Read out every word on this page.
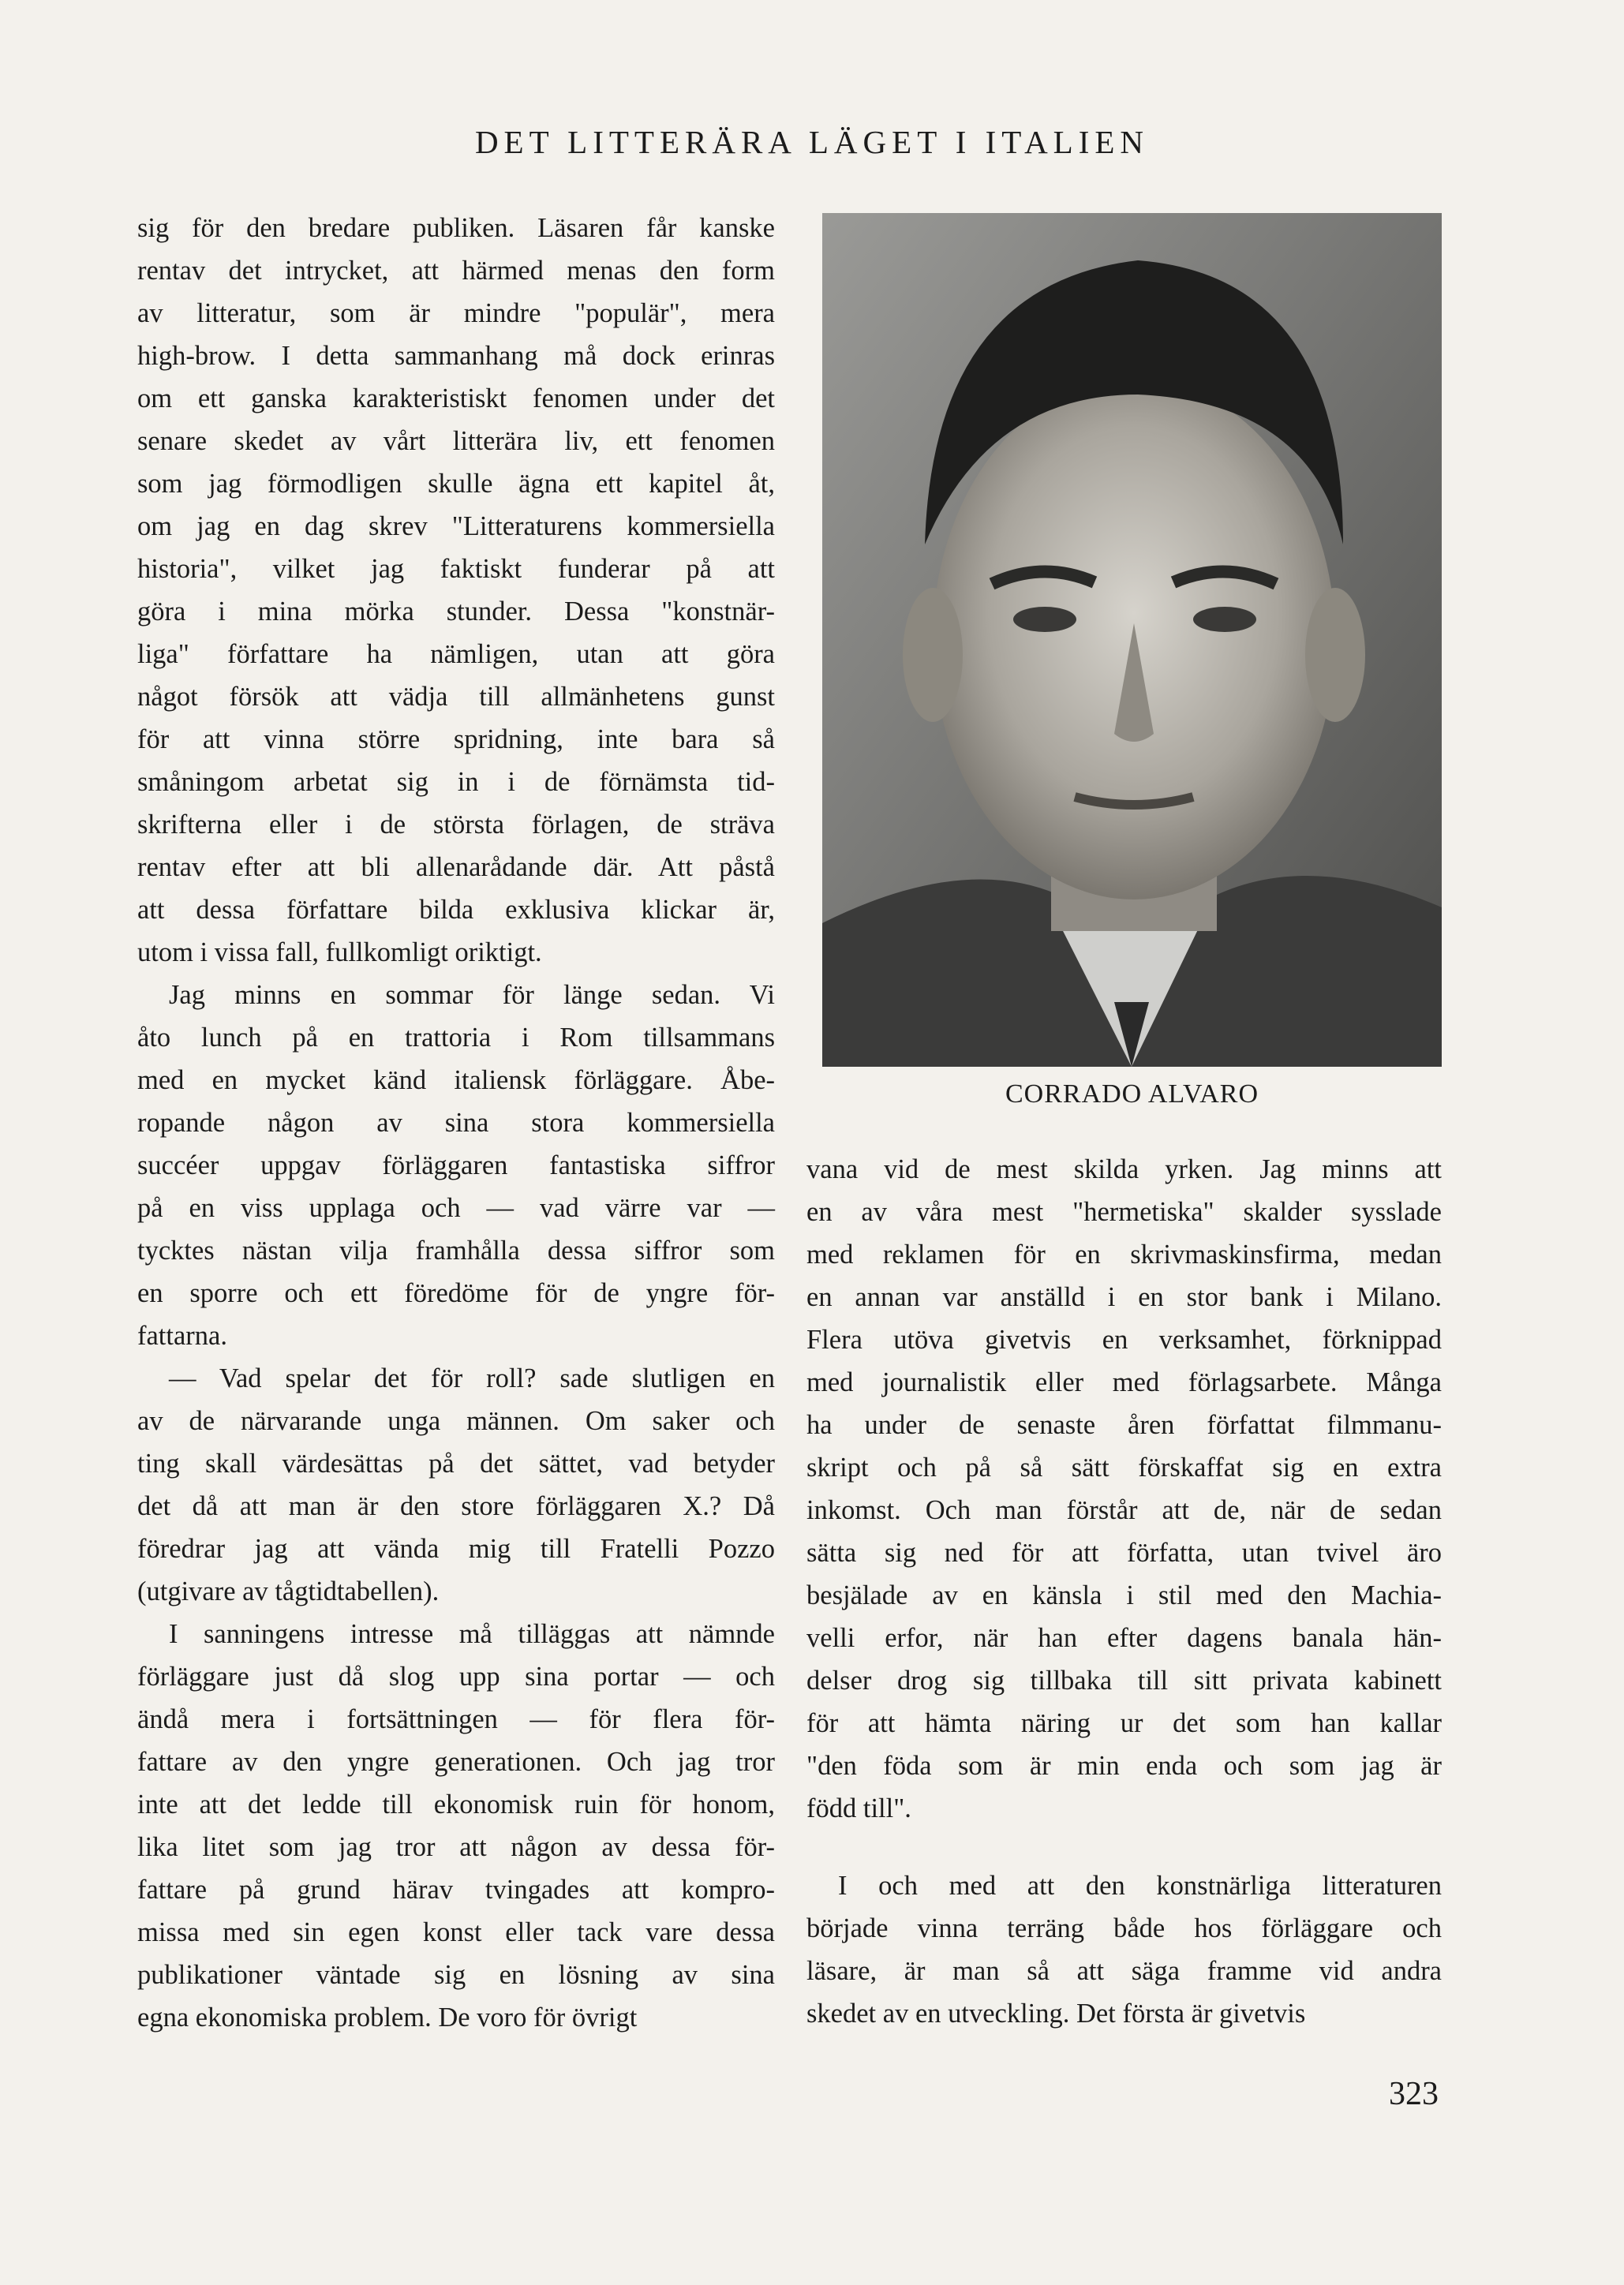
DET LITTERÄRA LÄGET I ITALIEN
sig för den bredare publiken. Läsaren får kanske
rentav det intrycket, att härmed menas den form
av litteratur, som är mindre "populär", mera
high-brow. I detta sammanhang må dock erinras
om ett ganska karakteristiskt fenomen under det
senare skedet av vårt litterära liv, ett fenomen
som jag förmodligen skulle ägna ett kapitel åt,
om jag en dag skrev "Litteraturens kommersiella
historia", vilket jag faktiskt funderar på att
göra i mina mörka stunder. Dessa "konstnär-
liga" författare ha nämligen, utan att göra
något försök att vädja till allmänhetens gunst
för att vinna större spridning, inte bara så
småningom arbetat sig in i de förnämsta tid-
skrifterna eller i de största förlagen, de sträva
rentav efter att bli allenarådande där. Att påstå
att dessa författare bilda exklusiva klickar är,
utom i vissa fall, fullkomligt oriktigt.
Jag minns en sommar för länge sedan. Vi
åto lunch på en trattoria i Rom tillsammans
med en mycket känd italiensk förläggare. Åbe-
ropande någon av sina stora kommersiella
succéer uppgav förläggaren fantastiska siffror
på en viss upplaga och — vad värre var —
tycktes nästan vilja framhålla dessa siffror som
en sporre och ett föredöme för de yngre för-
fattarna.
— Vad spelar det för roll? sade slutligen en
av de närvarande unga männen. Om saker och
ting skall värdesättas på det sättet, vad betyder
det då att man är den store förläggaren X.? Då
föredrar jag att vända mig till Fratelli Pozzo
(utgivare av tågtidtabellen).
I sanningens intresse må tilläggas att nämnde
förläggare just då slog upp sina portar — och
ändå mera i fortsättningen — för flera för-
fattare av den yngre generationen. Och jag tror
inte att det ledde till ekonomisk ruin för honom,
lika litet som jag tror att någon av dessa för-
fattare på grund härav tvingades att kompro-
missa med sin egen konst eller tack vare dessa
publikationer väntade sig en lösning av sina
egna ekonomiska problem. De voro för övrigt
CORRADO ALVARO
vana vid de mest skilda yrken. Jag minns att
en av våra mest "hermetiska" skalder sysslade
med reklamen för en skrivmaskinsfirma, medan
en annan var anställd i en stor bank i Milano.
Flera utöva givetvis en verksamhet, förknippad
med journalistik eller med förlagsarbete. Många
ha under de senaste åren författat filmmanu-
skript och på så sätt förskaffat sig en extra
inkomst. Och man förstår att de, när de sedan
sätta sig ned för att författa, utan tvivel äro
besjälade av en känsla i stil med den Machia-
velli erfor, när han efter dagens banala hän-
delser drog sig tillbaka till sitt privata kabinett
för att hämta näring ur det som han kallar
"den föda som är min enda och som jag är
född till".
I och med att den konstnärliga litteraturen
började vinna terräng både hos förläggare och
läsare, är man så att säga framme vid andra
skedet av en utveckling. Det första är givetvis
323
